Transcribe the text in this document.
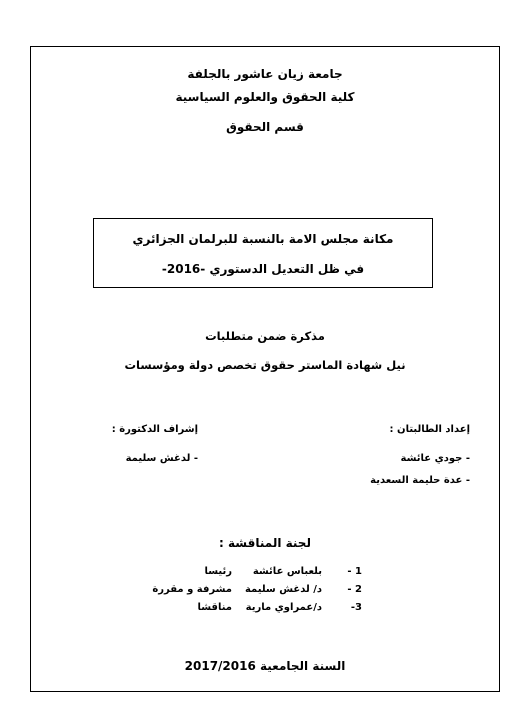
جامعة زيان عاشور بالجلفة
كلية الحقوق والعلوم السياسية
قسم الحقوق
مكانة مجلس الامة بالنسبة للبرلمان الجزائري
في ظل التعديل الدستوري -2016-
مذكرة ضمن متطلبات
نيل شهادة الماستر حقوق تخصص دولة ومؤسسات
إعداد الطالبتان :
- جودي عائشة
- عدة حليمة السعدية
إشراف الدكتورة :
- لدغش سليمة
لجنة المناقشة :
1 -
بلعباس عائشة
رئيسا
2 -
د/ لدغش سليمة
مشرفة و مقررة
3-
د/عمراوي مارية
مناقشا
السنة الجامعية 2017/2016
